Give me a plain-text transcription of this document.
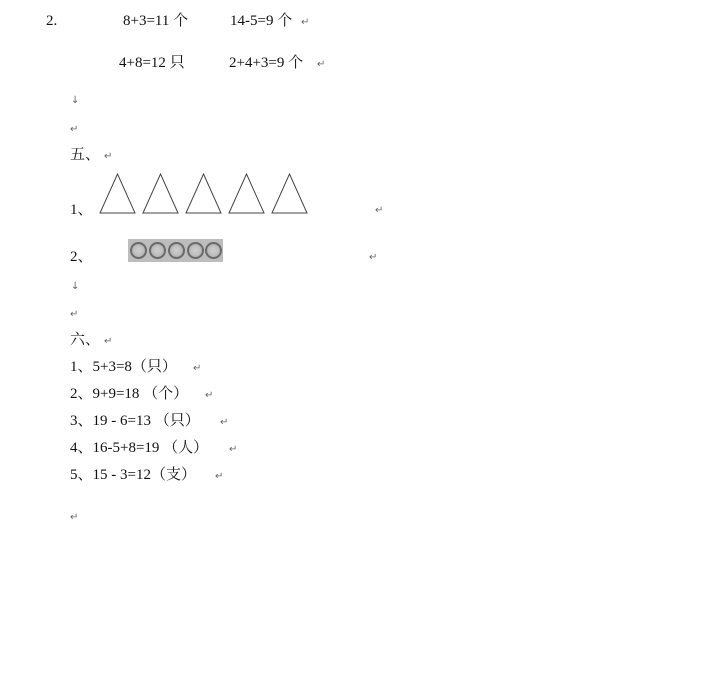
2.	8+3=11 个	14-5=9 个 ↵
4+8=12 只	2+4+3=9 个 ↵
↓
↵
五、 ↵
1、	↵
2、	↵
↓
↵
六、 ↵
1、5+3=8（只） ↵
2、9+9=18 （个） ↵
3、19 - 6=13 （只） ↵
4、16-5+8=19 （人） ↵
5、15 - 3=12（支） ↵
↵
